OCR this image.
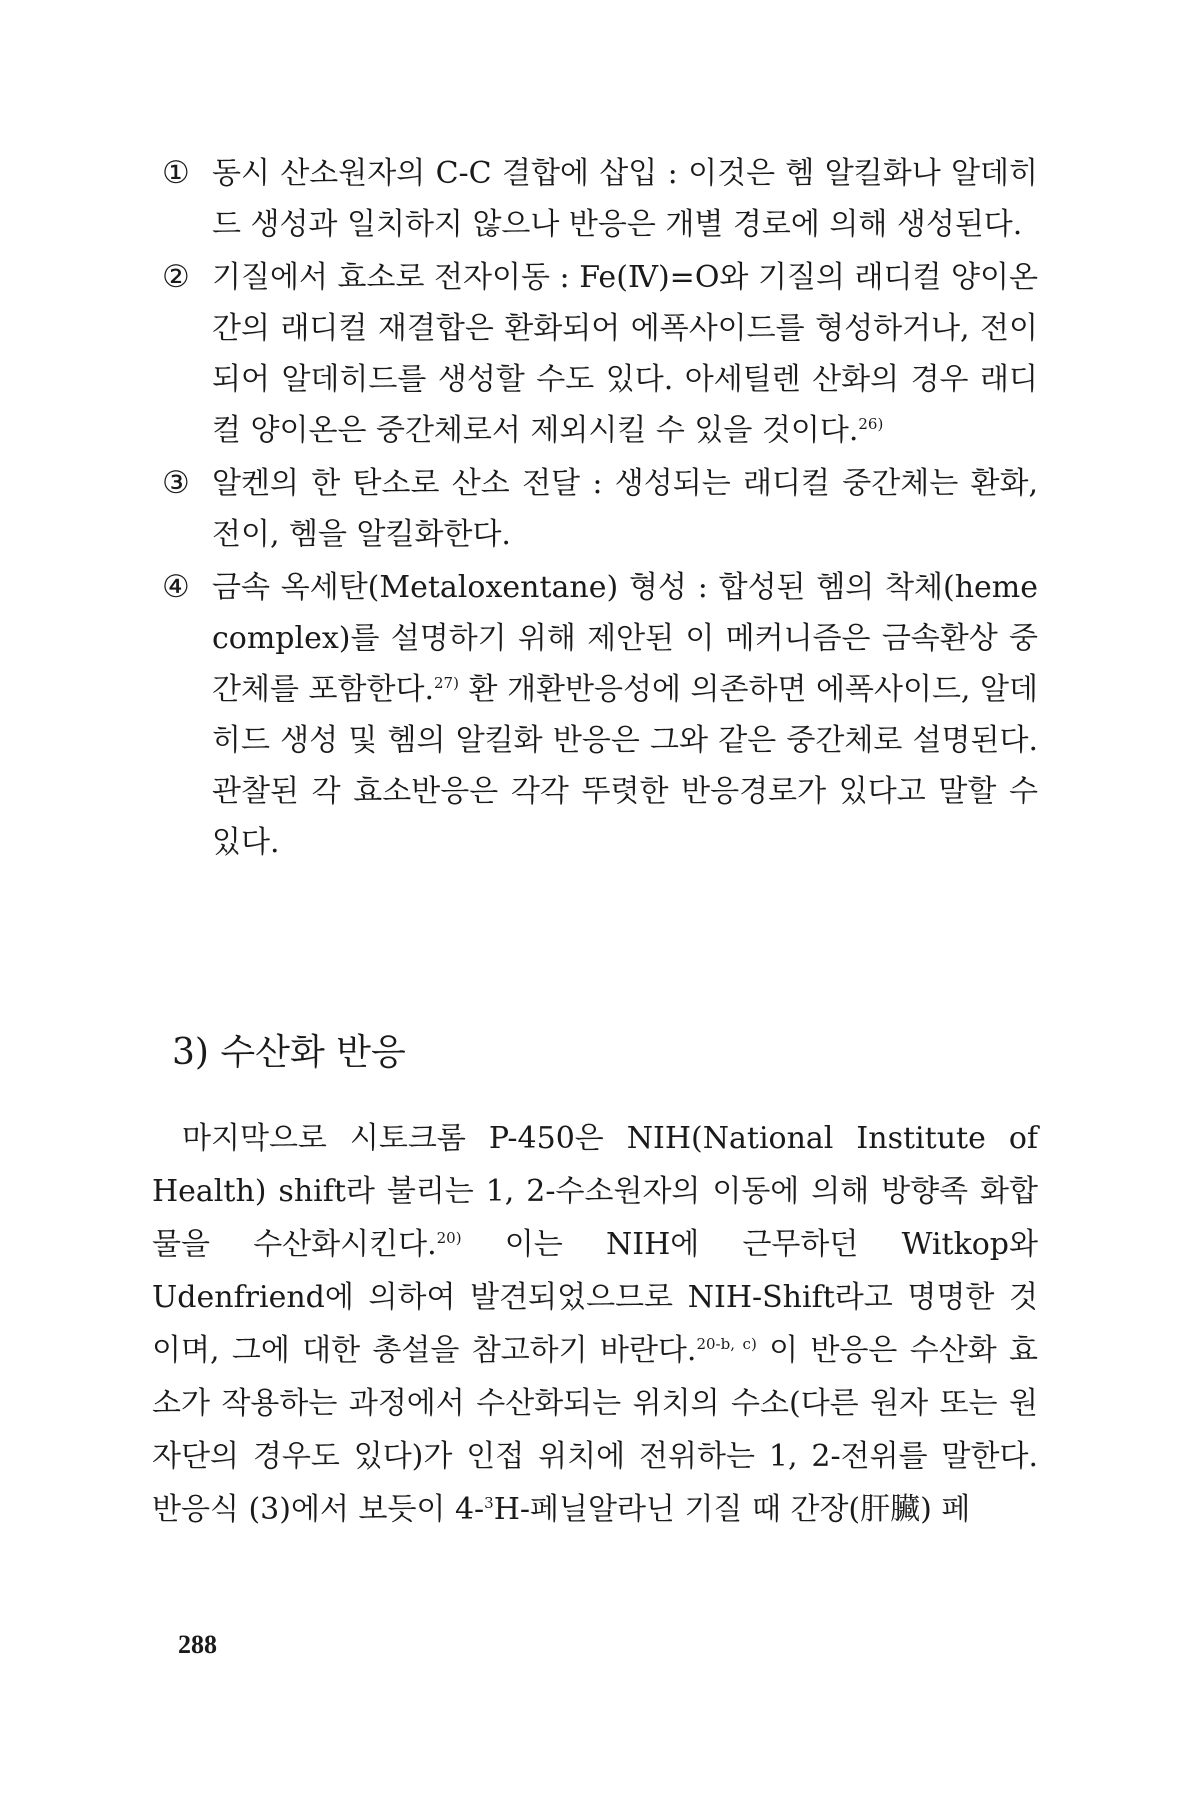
① 동시 산소원자의 C-C 결합에 삽입 : 이것은 헴 알킬화나 알데히드 생성과 일치하지 않으나 반응은 개별 경로에 의해 생성된다.
② 기질에서 효소로 전자이동 : Fe(Ⅳ)=O와 기질의 래디컬 양이온간의 래디컬 재결합은 환화되어 에폭사이드를 형성하거나, 전이되어 알데히드를 생성할 수도 있다. 아세틸렌 산화의 경우 래디컬 양이온은 중간체로서 제외시킬 수 있을 것이다.$^{26)}$
③ 알켄의 한 탄소로 산소 전달 : 생성되는 래디컬 중간체는 환화, 전이, 헴을 알킬화한다.
④ 금속 옥세탄(Metaloxentane) 형성 : 합성된 헴의 착체(heme complex)를 설명하기 위해 제안된 이 메커니즘은 금속환상 중간체를 포함한다.$^{27)}$ 환 개환반응성에 의존하면 에폭사이드, 알데히드 생성 및 헴의 알킬화 반응은 그와 같은 중간체로 설명된다. 관찰된 각 효소반응은 각각 뚜렷한 반응경로가 있다고 말할 수 있다.
3) 수산화 반응
마지막으로 시토크롬 P-450은 NIH(National Institute of Health) shift라 불리는 1, 2-수소원자의 이동에 의해 방향족 화합물을 수산화시킨다.$^{20)}$ 이는 NIH에 근무하던 Witkop와 Udenfriend에 의하여 발견되었으므로 NIH-Shift라고 명명한 것이며, 그에 대한 총설을 참고하기 바란다.$^{20-b, c)}$ 이 반응은 수산화 효소가 작용하는 과정에서 수산화되는 위치의 수소(다른 원자 또는 원자단의 경우도 있다)가 인접 위치에 전위하는 1, 2-전위를 말한다. 반응식 (3)에서 보듯이 4-$^3$H-페닐알라닌 기질 때 간장(肝臟) 페
288
